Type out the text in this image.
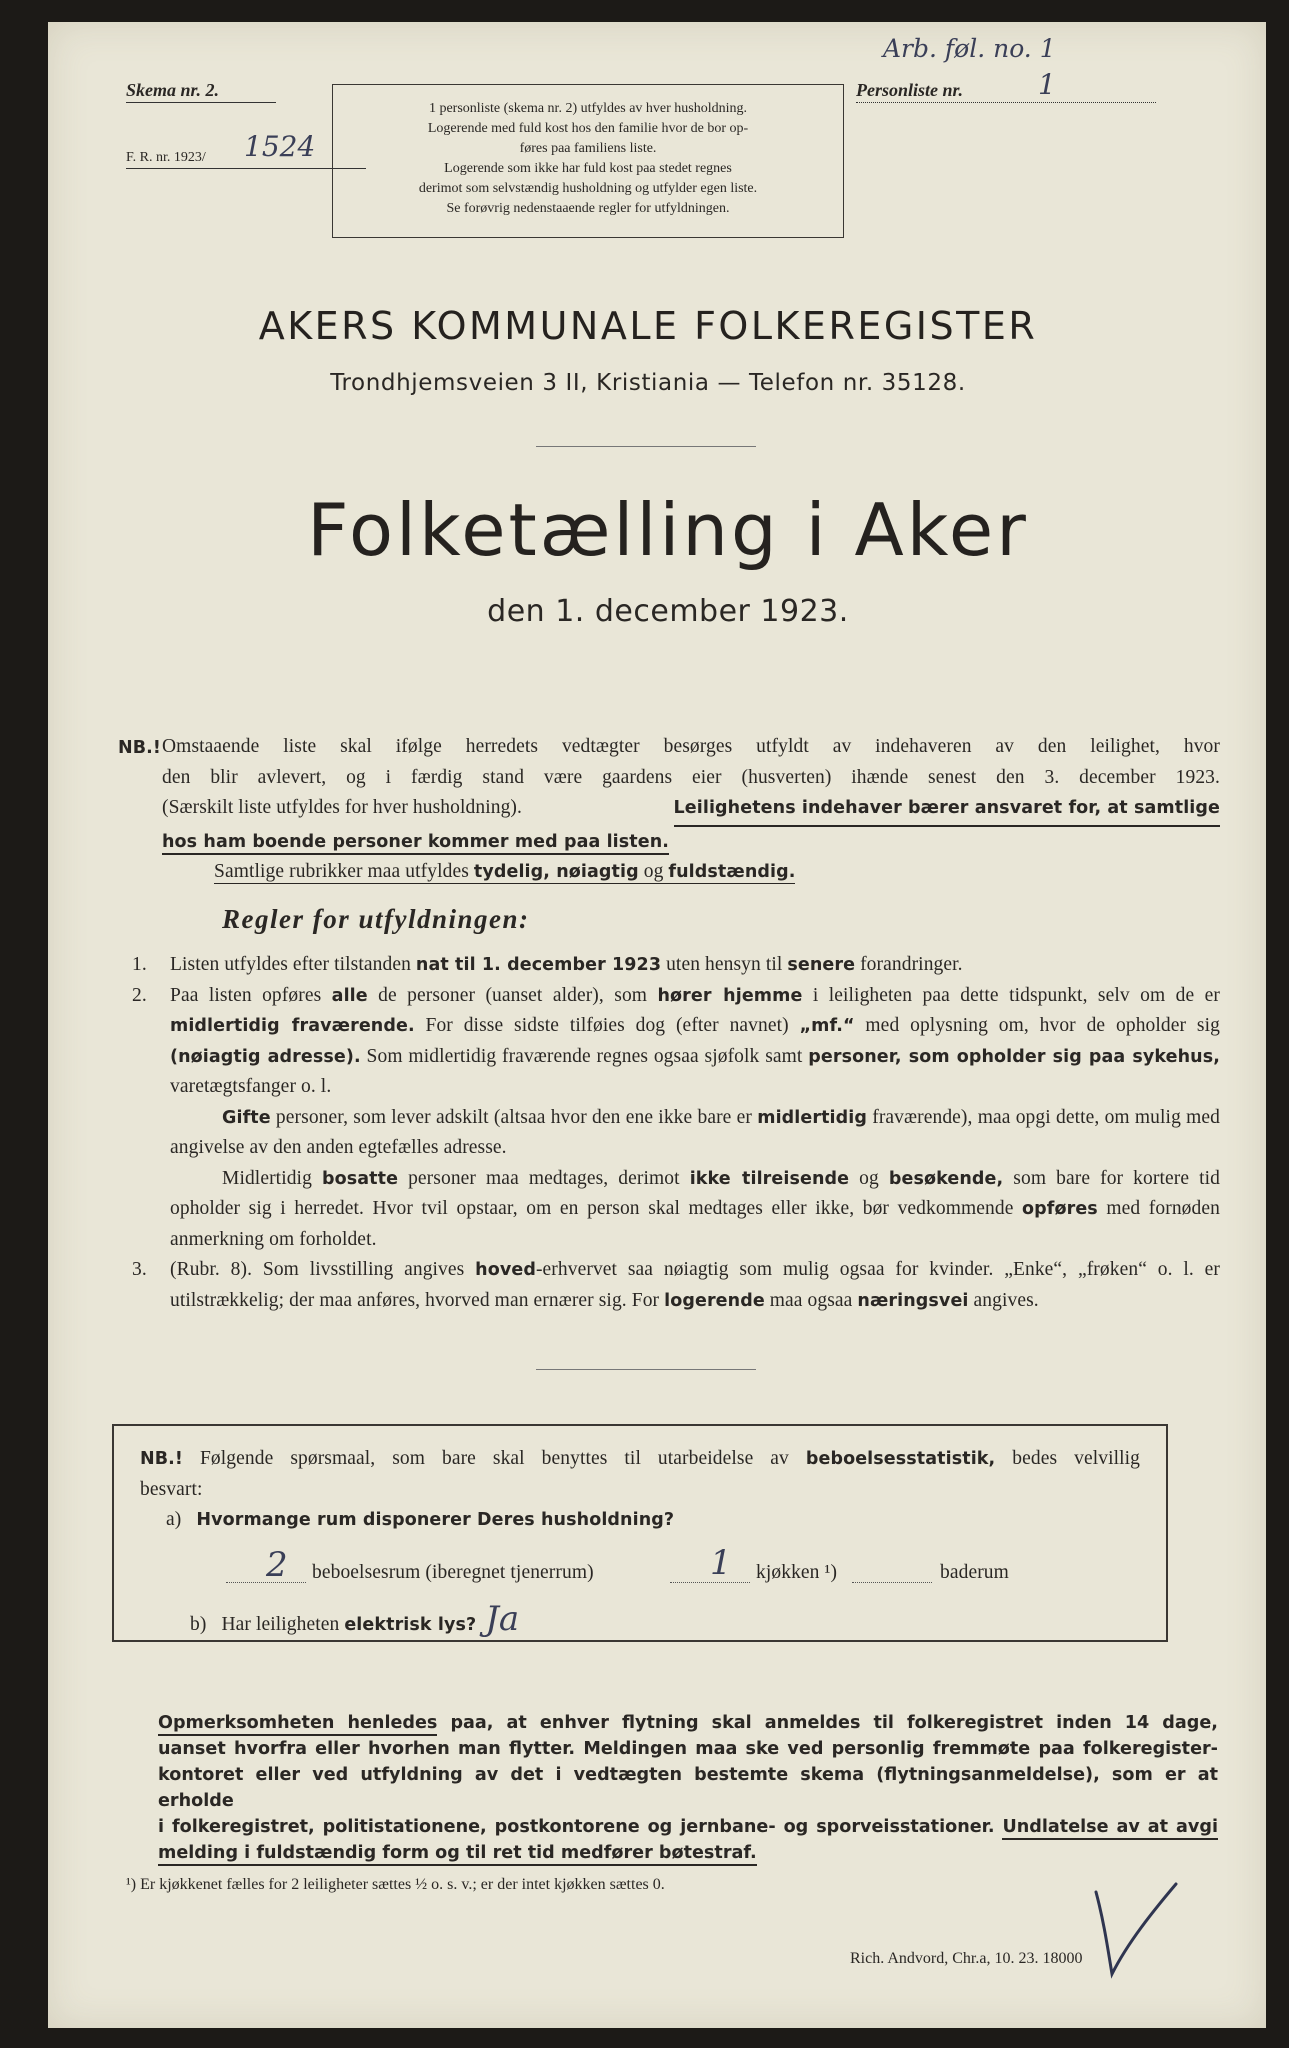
Skema nr. 2.
F. R. nr. 1923/	1524
1 personliste (skema nr. 2) utfyldes av hver husholdning.
Logerende med fuld kost hos den familie hvor de bor op-
føres paa familiens liste.
Logerende som ikke har fuld kost paa stedet regnes
derimot som selvstændig husholdning og utfylder egen liste.
Se forøvrig nedenstaaende regler for utfyldningen.
Arb. føl. no. 1
Personliste nr.	1
AKERS KOMMUNALE FOLKEREGISTER
Trondhjemsveien 3 II, Kristiania — Telefon nr. 35128.
Folketælling i Aker
den 1. december 1923.
NB.! Omstaaende liste skal ifølge herredets vedtægter besørges utfyldt av indehaveren av den leilighet, hvor
den blir avlevert, og i færdig stand være gaardens eier (husverten) ihænde senest den 3. december 1923.
(Særskilt liste utfyldes for hver husholdning).	Leilighetens indehaver bærer ansvaret for, at samtlige
hos ham boende personer kommer med paa listen.
Samtlige rubrikker maa utfyldes tydelig, nøiagtig og fuldstændig.
Regler for utfyldningen:
1. Listen utfyldes efter tilstanden nat til 1. december 1923 uten hensyn til senere forandringer.
2. Paa listen opføres alle de personer (uanset alder), som hører hjemme i leiligheten paa dette tidspunkt, selv om de er midlertidig fraværende. For disse sidste tilføies dog (efter navnet) „mf.“ med oplysning om, hvor de opholder sig (nøiagtig adresse). Som midlertidig fraværende regnes ogsaa sjøfolk samt personer, som opholder sig paa sykehus, varetægtsfanger o. l.
Gifte personer, som lever adskilt (altsaa hvor den ene ikke bare er midlertidig fraværende), maa opgi dette, om mulig med angivelse av den anden egtefælles adresse.
Midlertidig bosatte personer maa medtages, derimot ikke tilreisende og besøkende, som bare for kortere tid opholder sig i herredet. Hvor tvil opstaar, om en person skal medtages eller ikke, bør vedkommende opføres med fornøden anmerkning om forholdet.
3. (Rubr. 8). Som livsstilling angives hoved-erhvervet saa nøiagtig som mulig ogsaa for kvinder. „Enke“, „frøken“ o. l. er utilstrækkelig; der maa anføres, hvorved man ernærer sig. For logerende maa ogsaa næringsvei angives.
NB.! Følgende spørsmaal, som bare skal benyttes til utarbeidelse av beboelsesstatistik, bedes velvillig
besvart:
a) Hvormange rum disponerer Deres husholdning?
2 beboelsesrum (iberegnet tjenerrum)	1 kjøkken ¹)	baderum
b) Har leiligheten elektrisk lys? Ja
Opmerksomheten henledes paa, at enhver flytning skal anmeldes til folkeregistret inden 14 dage,
uanset hvorfra eller hvorhen man flytter. Meldingen maa ske ved personlig fremmøte paa folkeregister-
kontoret eller ved utfyldning av det i vedtægten bestemte skema (flytningsanmeldelse), som er at erholde
i folkeregistret, politistationene, postkontorene og jernbane- og sporveisstationer. Undlatelse av at avgi
melding i fuldstændig form og til ret tid medfører bøtestraf.
¹) Er kjøkkenet fælles for 2 leiligheter sættes ½ o. s. v.; er der intet kjøkken sættes 0.
Rich. Andvord, Chr.a, 10. 23. 18000
